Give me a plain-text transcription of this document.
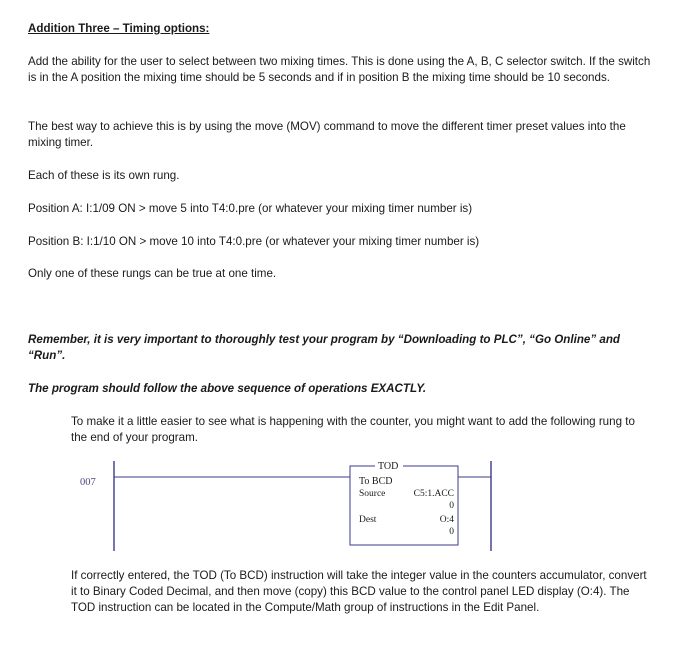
Addition Three – Timing options:

Add the ability for the user to select between two mixing times. This is done using the A, B, C selector switch. If the switch is in the A position the mixing time should be 5 seconds and if in position B the mixing time should be 10 seconds.

The best way to achieve this is by using the move (MOV) command to move the different timer preset values into the mixing timer.

Each of these is its own rung.

Position A: I:1/09 ON > move 5 into T4:0.pre (or whatever your mixing timer number is)

Position B: I:1/10 ON > move 10 into T4:0.pre (or whatever your mixing timer number is)

Only one of these rungs can be true at one time.

Remember, it is very important to thoroughly test your program by “Downloading to PLC”, “Go Online” and “Run”.

The program should follow the above sequence of operations EXACTLY.

To make it a little easier to see what is happening with the counter, you might want to add the following rung to the end of your program.

007
TOD
To BCD
Source	C5:1.ACC
0
Dest	O:4
0

If correctly entered, the TOD (To BCD) instruction will take the integer value in the counters accumulator, convert it to Binary Coded Decimal, and then move (copy) this BCD value to the control panel LED display (O:4). The TOD instruction can be located in the Compute/Math group of instructions in the Edit Panel.
